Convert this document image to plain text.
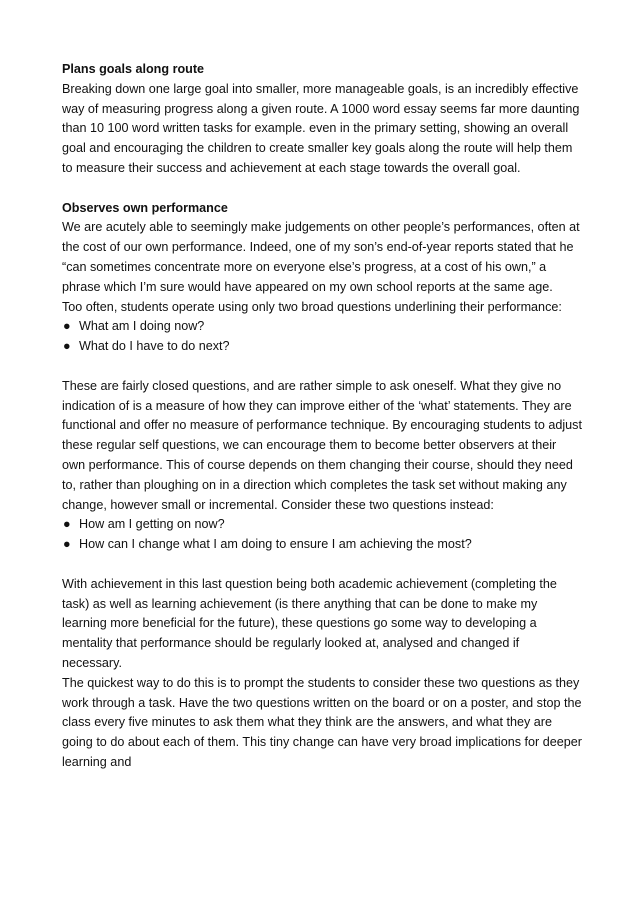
Plans goals along route

Breaking down one large goal into smaller, more manageable goals, is an incredibly effective way of measuring progress along a given route. A 1000 word essay seems far more daunting than 10 100 word written tasks for example. even in the primary setting, showing an overall goal and encouraging the children to create smaller key goals along the route will help them to measure their success and achievement at each stage towards the overall goal.

Observes own performance

We are acutely able to seemingly make judgements on other people’s performances, often at the cost of our own performance. Indeed, one of my son’s end-of-year reports stated that he “can sometimes concentrate more on everyone else’s progress, at a cost of his own,” a phrase which I’m sure would have appeared on my own school reports at the same age.

Too often, students operate using only two broad questions underlining their performance:

● What am I doing now?
● What do I have to do next?

These are fairly closed questions, and are rather simple to ask oneself. What they give no indication of is a measure of how they can improve either of the ‘what’ statements. They are functional and offer no measure of performance technique. By encouraging students to adjust these regular self questions, we can encourage them to become better observers at their own performance. This of course depends on them changing their course, should they need to, rather than ploughing on in a direction which completes the task set without making any change, however small or incremental. Consider these two questions instead:

● How am I getting on now?
● How can I change what I am doing to ensure I am achieving the most?

With achievement in this last question being both academic achievement (completing the task) as well as learning achievement (is there anything that can be done to make my learning more beneficial for the future), these questions go some way to developing a mentality that performance should be regularly looked at, analysed and changed if necessary.

The quickest way to do this is to prompt the students to consider these two questions as they work through a task. Have the two questions written on the board or on a poster, and stop the class every five minutes to ask them what they think are the answers, and what they are going to do about each of them. This tiny change can have very broad implications for deeper learning and
